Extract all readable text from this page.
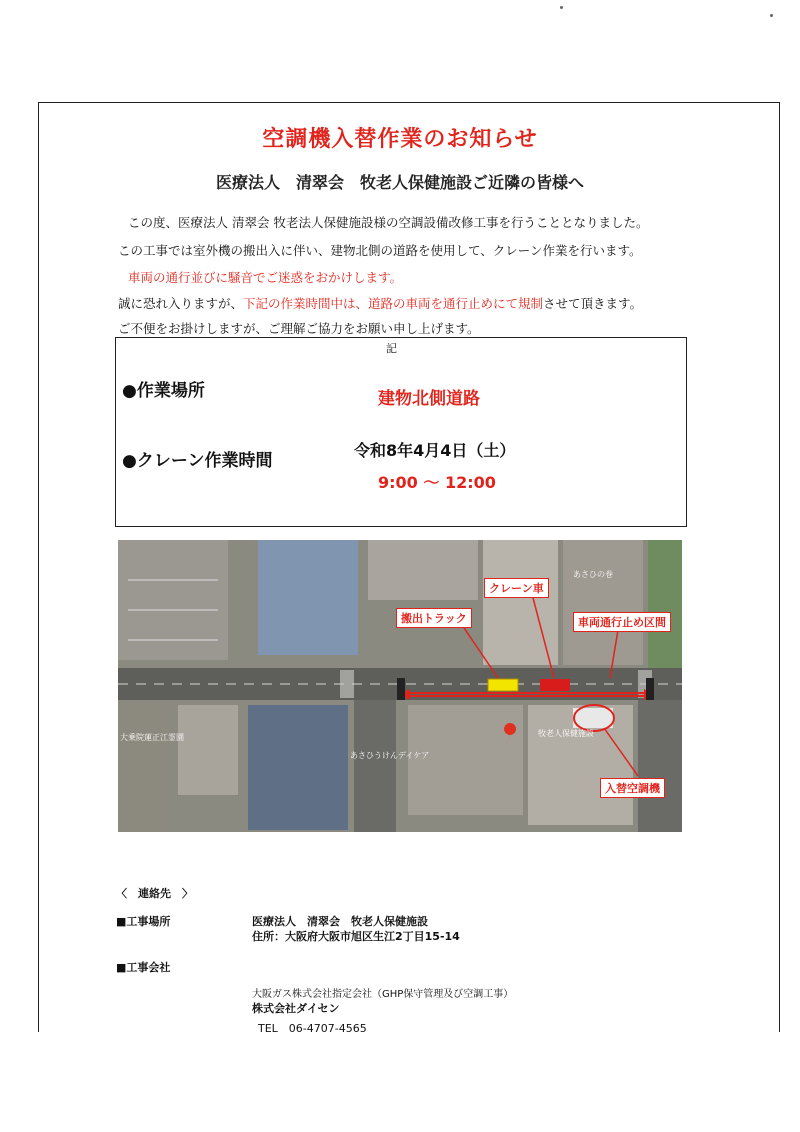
空調機入替作業のお知らせ
医療法人　清翠会　牧老人保健施設ご近隣の皆様へ
この度、医療法人 清翠会 牧老法人保健施設様の空調設備改修工事を行うこととなりました。
この工事では室外機の搬出入に伴い、建物北側の道路を使用して、クレーン作業を行います。
車両の通行並びに騒音でご迷惑をおかけします。
誠に恐れ入りますが、下記の作業時間中は、道路の車両を通行止めにて規制させて頂きます。
ご不便をお掛けしますが、ご理解ご協力をお願い申し上げます。
記
●作業場所	建物北側道路
●クレーン作業時間
令和8年4月4日（土）
9:00 〜 12:00
搬出トラック
クレーン車
車両通行止め区間
入替空調機
あさひの巻
牧老人保健施設
あさひうけんデイケア
大乗院蓮正江霊園
〈　連絡先　〉
■工事場所	医療法人　清翠会　牧老人保健施設
住所：大阪府大阪市旭区生江2丁目15-14
■工事会社
大阪ガス株式会社指定会社（GHP保守管理及び空調工事）
株式会社ダイセン
TEL　06-4707-4565
